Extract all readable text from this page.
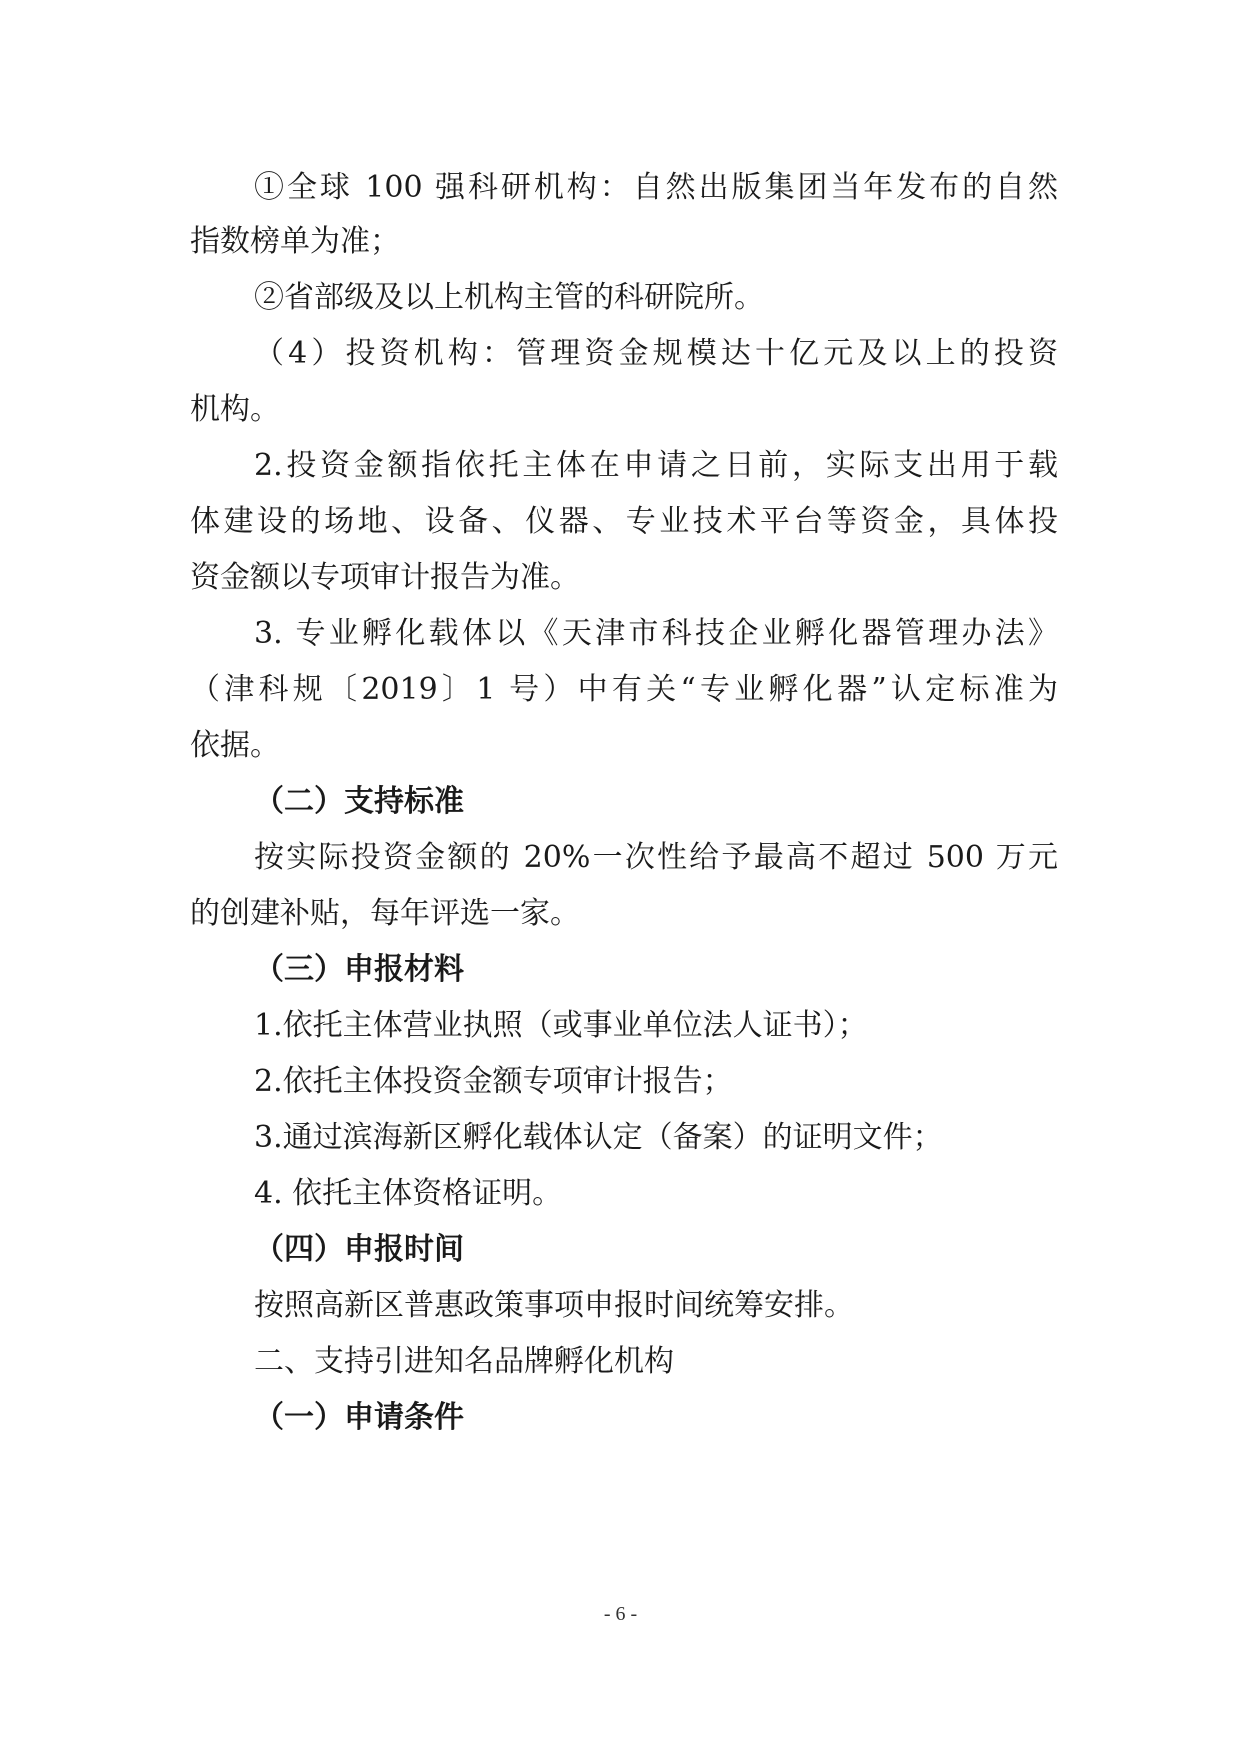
①全球 100 强科研机构：自然出版集团当年发布的自然
指数榜单为准；
②省部级及以上机构主管的科研院所。
（4）投资机构：管理资金规模达十亿元及以上的投资
机构。
2.投资金额指依托主体在申请之日前，实际支出用于载
体建设的场地、设备、仪器、专业技术平台等资金，具体投
资金额以专项审计报告为准。
3. 专业孵化载体以《天津市科技企业孵化器管理办法》
（津科规〔2019〕1 号）中有关“专业孵化器”认定标准为
依据。
（二）支持标准
按实际投资金额的 20%一次性给予最高不超过 500 万元
的创建补贴，每年评选一家。
（三）申报材料
1.依托主体营业执照（或事业单位法人证书）；
2.依托主体投资金额专项审计报告；
3.通过滨海新区孵化载体认定（备案）的证明文件；
4. 依托主体资格证明。
（四）申报时间
按照高新区普惠政策事项申报时间统筹安排。
二、支持引进知名品牌孵化机构
（一）申请条件
- 6 -
